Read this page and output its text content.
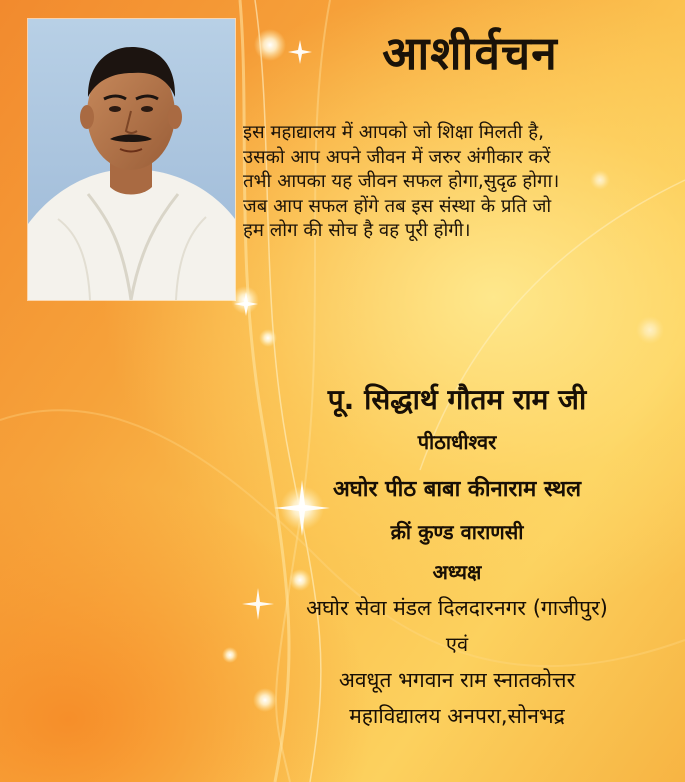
आशीर्वचन
इस महाद्यालय में आपको जो शिक्षा मिलती है,
उसको आप अपने जीवन में जरुर अंगीकार करें
तभी आपका यह जीवन सफल होगा,सुदृढ होगा।
जब आप सफल होंगे तब इस संस्था के प्रति जो
हम लोग की सोच है वह पूरी होगी।
पू. सिद्धार्थ गौतम राम जी
पीठाधीश्वर
अघोर पीठ बाबा कीनाराम स्थल
क्रीं कुण्ड वाराणसी
अध्यक्ष
अघोर सेवा मंडल दिलदारनगर (गाजीपुर)
एवं
अवधूत भगवान राम स्नातकोत्तर
महाविद्यालय अनपरा,सोनभद्र
